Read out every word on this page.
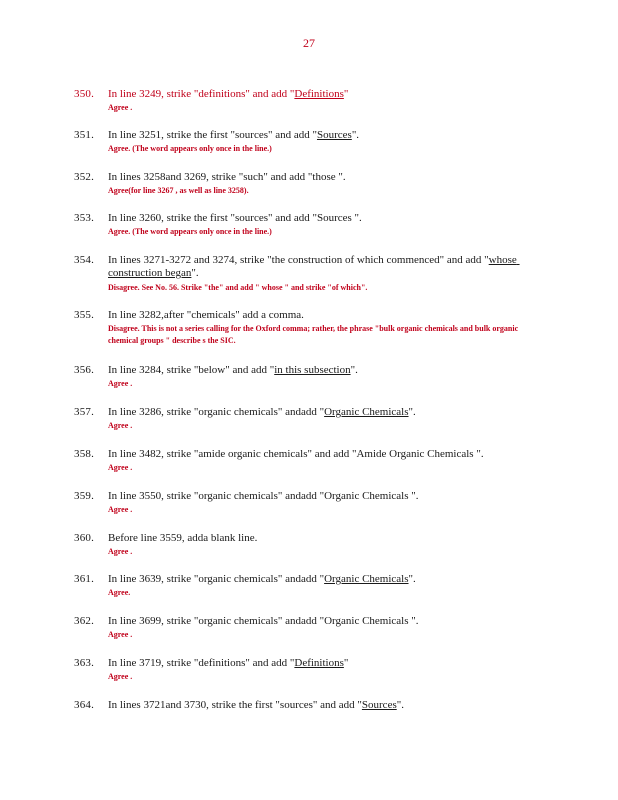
27
350. In line 3249, strike "definitions" and add "Definitions"
Agree .
351. In line 3251, strike the first "sources" and add "Sources".
Agree. (The word appears only once in the line.)
352. In lines 3258and 3269, strike "such" and add "those ".
Agree(for line 3267 , as well as line 3258).
353. In line 3260, strike the first "sources" and add "Sources ".
Agree. (The word appears only once in the line.)
354. In lines 3271-3272 and 3274, strike "the construction of which commenced" and add "whose construction began".
Disagree. See No. 56. Strike "the" and add " whose " and strike "of which".
355. In line 3282,after "chemicals" add a comma.
Disagree. This is not a series calling for the Oxford comma; rather, the phrase "bulk organic chemicals and bulk organic chemical groups " describe s the SIC.
356. In line 3284, strike "below" and add "in this subsection".
Agree .
357. In line 3286, strike "organic chemicals" andadd "Organic Chemicals".
Agree .
358. In line 3482, strike "amide organic chemicals" and add "Amide Organic Chemicals ".
Agree .
359. In line 3550, strike "organic chemicals" andadd "Organic Chemicals ".
Agree .
360. Before line 3559, adda blank line.
Agree .
361. In line 3639, strike "organic chemicals" andadd "Organic Chemicals".
Agree.
362. In line 3699, strike "organic chemicals" andadd "Organic Chemicals ".
Agree .
363. In line 3719, strike "definitions" and add "Definitions"
Agree .
364. In lines 3721and 3730, strike the first "sources" and add "Sources".
